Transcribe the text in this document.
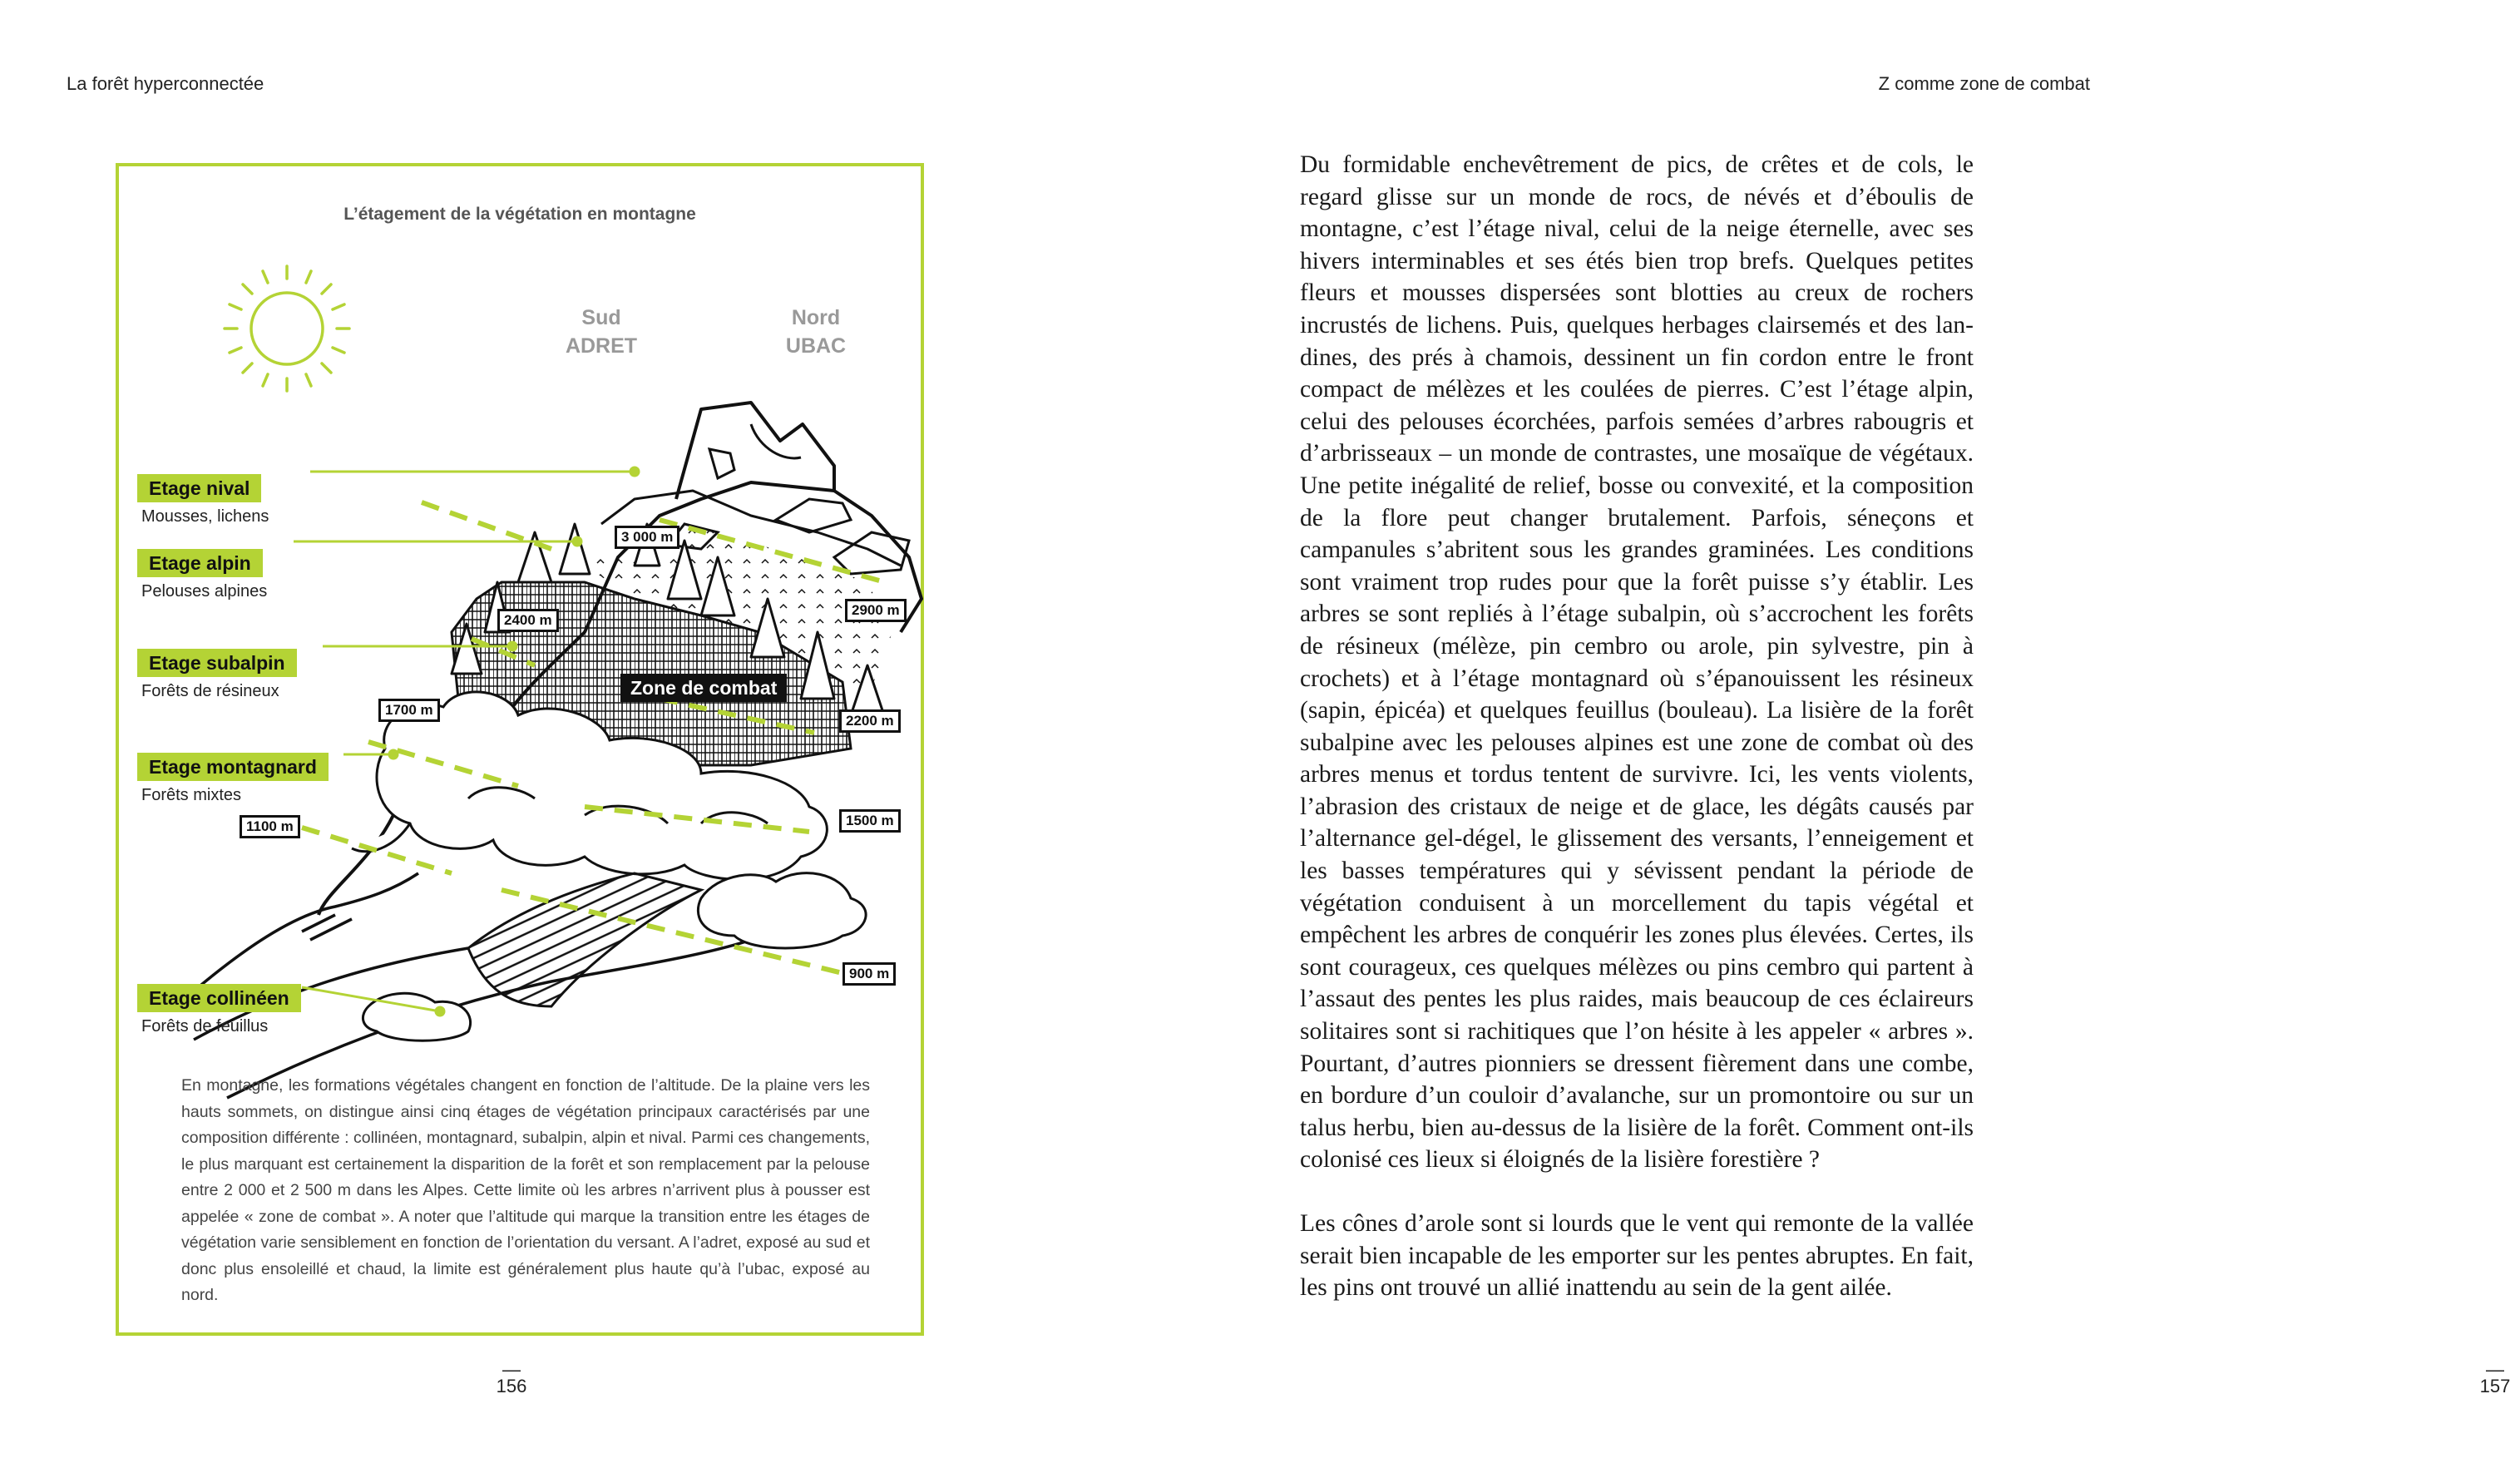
La forêt hyperconnectée
L’étagement de la végétation en montagne
Sud
ADRET
Nord
UBAC
Etage nival
Mousses, lichens
Etage alpin
Pelouses alpines
Etage subalpin
Forêts de résineux
Etage montagnard
Forêts mixtes
Etage collinéen
Forêts de feuillus
3 000 m
2400 m
1700 m
1100 m
2900 m
2200 m
1500 m
900 m
Zone de combat
En montagne, les formations végétales changent en fonction de l’altitude. De la plaine vers les hauts sommets, on distingue ainsi cinq étages de végétation principaux caractérisés par une composition différente : collinéen, montagnard, subalpin, alpin et nival. Parmi ces changements, le plus marquant est certainement la disparition de la forêt et son remplacement par la pelouse entre 2 000 et 2 500 m dans les Alpes. Cette limite où les arbres n’arrivent plus à pousser est appelée « zone de combat ». A noter que l’altitude qui marque la transition entre les étages de végétation varie sensiblement en fonction de l’orientation du versant. A l’adret, exposé au sud et donc plus ensoleillé et chaud, la limite est généralement plus haute qu’à l’ubac, exposé au nord.
—
156
Z comme zone de combat

Du formidable enchevêtrement de pics, de crêtes et de cols, le regard glisse sur un monde de rocs, de névés et d’éboulis de montagne, c’est l’étage nival, celui de la neige éternelle, avec ses hivers interminables et ses étés bien trop brefs. Quelques petites fleurs et mousses dispersées sont blotties au creux de rochers incrustés de lichens. Puis, quelques herbages clairsemés et des landines, des prés à chamois, dessinent un fin cordon entre le front compact de mélèzes et les coulées de pierres. C’est l’étage alpin, celui des pelouses écorchées, parfois semées d’arbres rabougris et d’arbrisseaux – un monde de contrastes, une mosaïque de végétaux. Une petite inégalité de relief, bosse ou convexité, et la composition de la flore peut changer brutalement. Parfois, séneçons et campanules s’abritent sous les grandes graminées. Les conditions sont vraiment trop rudes pour que la forêt puisse s’y établir. Les arbres se sont repliés à l’étage subalpin, où s’accrochent les forêts de résineux (mélèze, pin cembro ou arole, pin sylvestre, pin à crochets) et à l’étage montagnard où s’épanouissent les résineux (sapin, épicéa) et quelques feuillus (bouleau). La lisière de la forêt subalpine avec les pelouses alpines est une zone de combat où des arbres menus et tordus tentent de survivre. Ici, les vents violents, l’abrasion des cristaux de neige et de glace, les dégâts causés par l’alternance gel-dégel, le glissement des versants, l’enneigement et les basses températures qui y sévissent pendant la période de végétation conduisent à un morcellement du tapis végétal et empêchent les arbres de conquérir les zones plus élevées. Certes, ils sont courageux, ces quelques mélèzes ou pins cembro qui partent à l’assaut des pentes les plus raides, mais beaucoup de ces éclaireurs solitaires sont si rachitiques que l’on hésite à les appeler « arbres ». Pourtant, d’autres pionniers se dressent fièrement dans une combe, en bordure d’un couloir d’avalanche, sur un promontoire ou sur un talus herbu, bien au-dessus de la lisière de la forêt. Comment ont-ils colonisé ces lieux si éloignés de la lisière forestière ?

Les cônes d’arole sont si lourds que le vent qui remonte de la vallée serait bien incapable de les emporter sur les pentes abruptes. En fait, les pins ont trouvé un allié inattendu au sein de la gent ailée.

—
157
